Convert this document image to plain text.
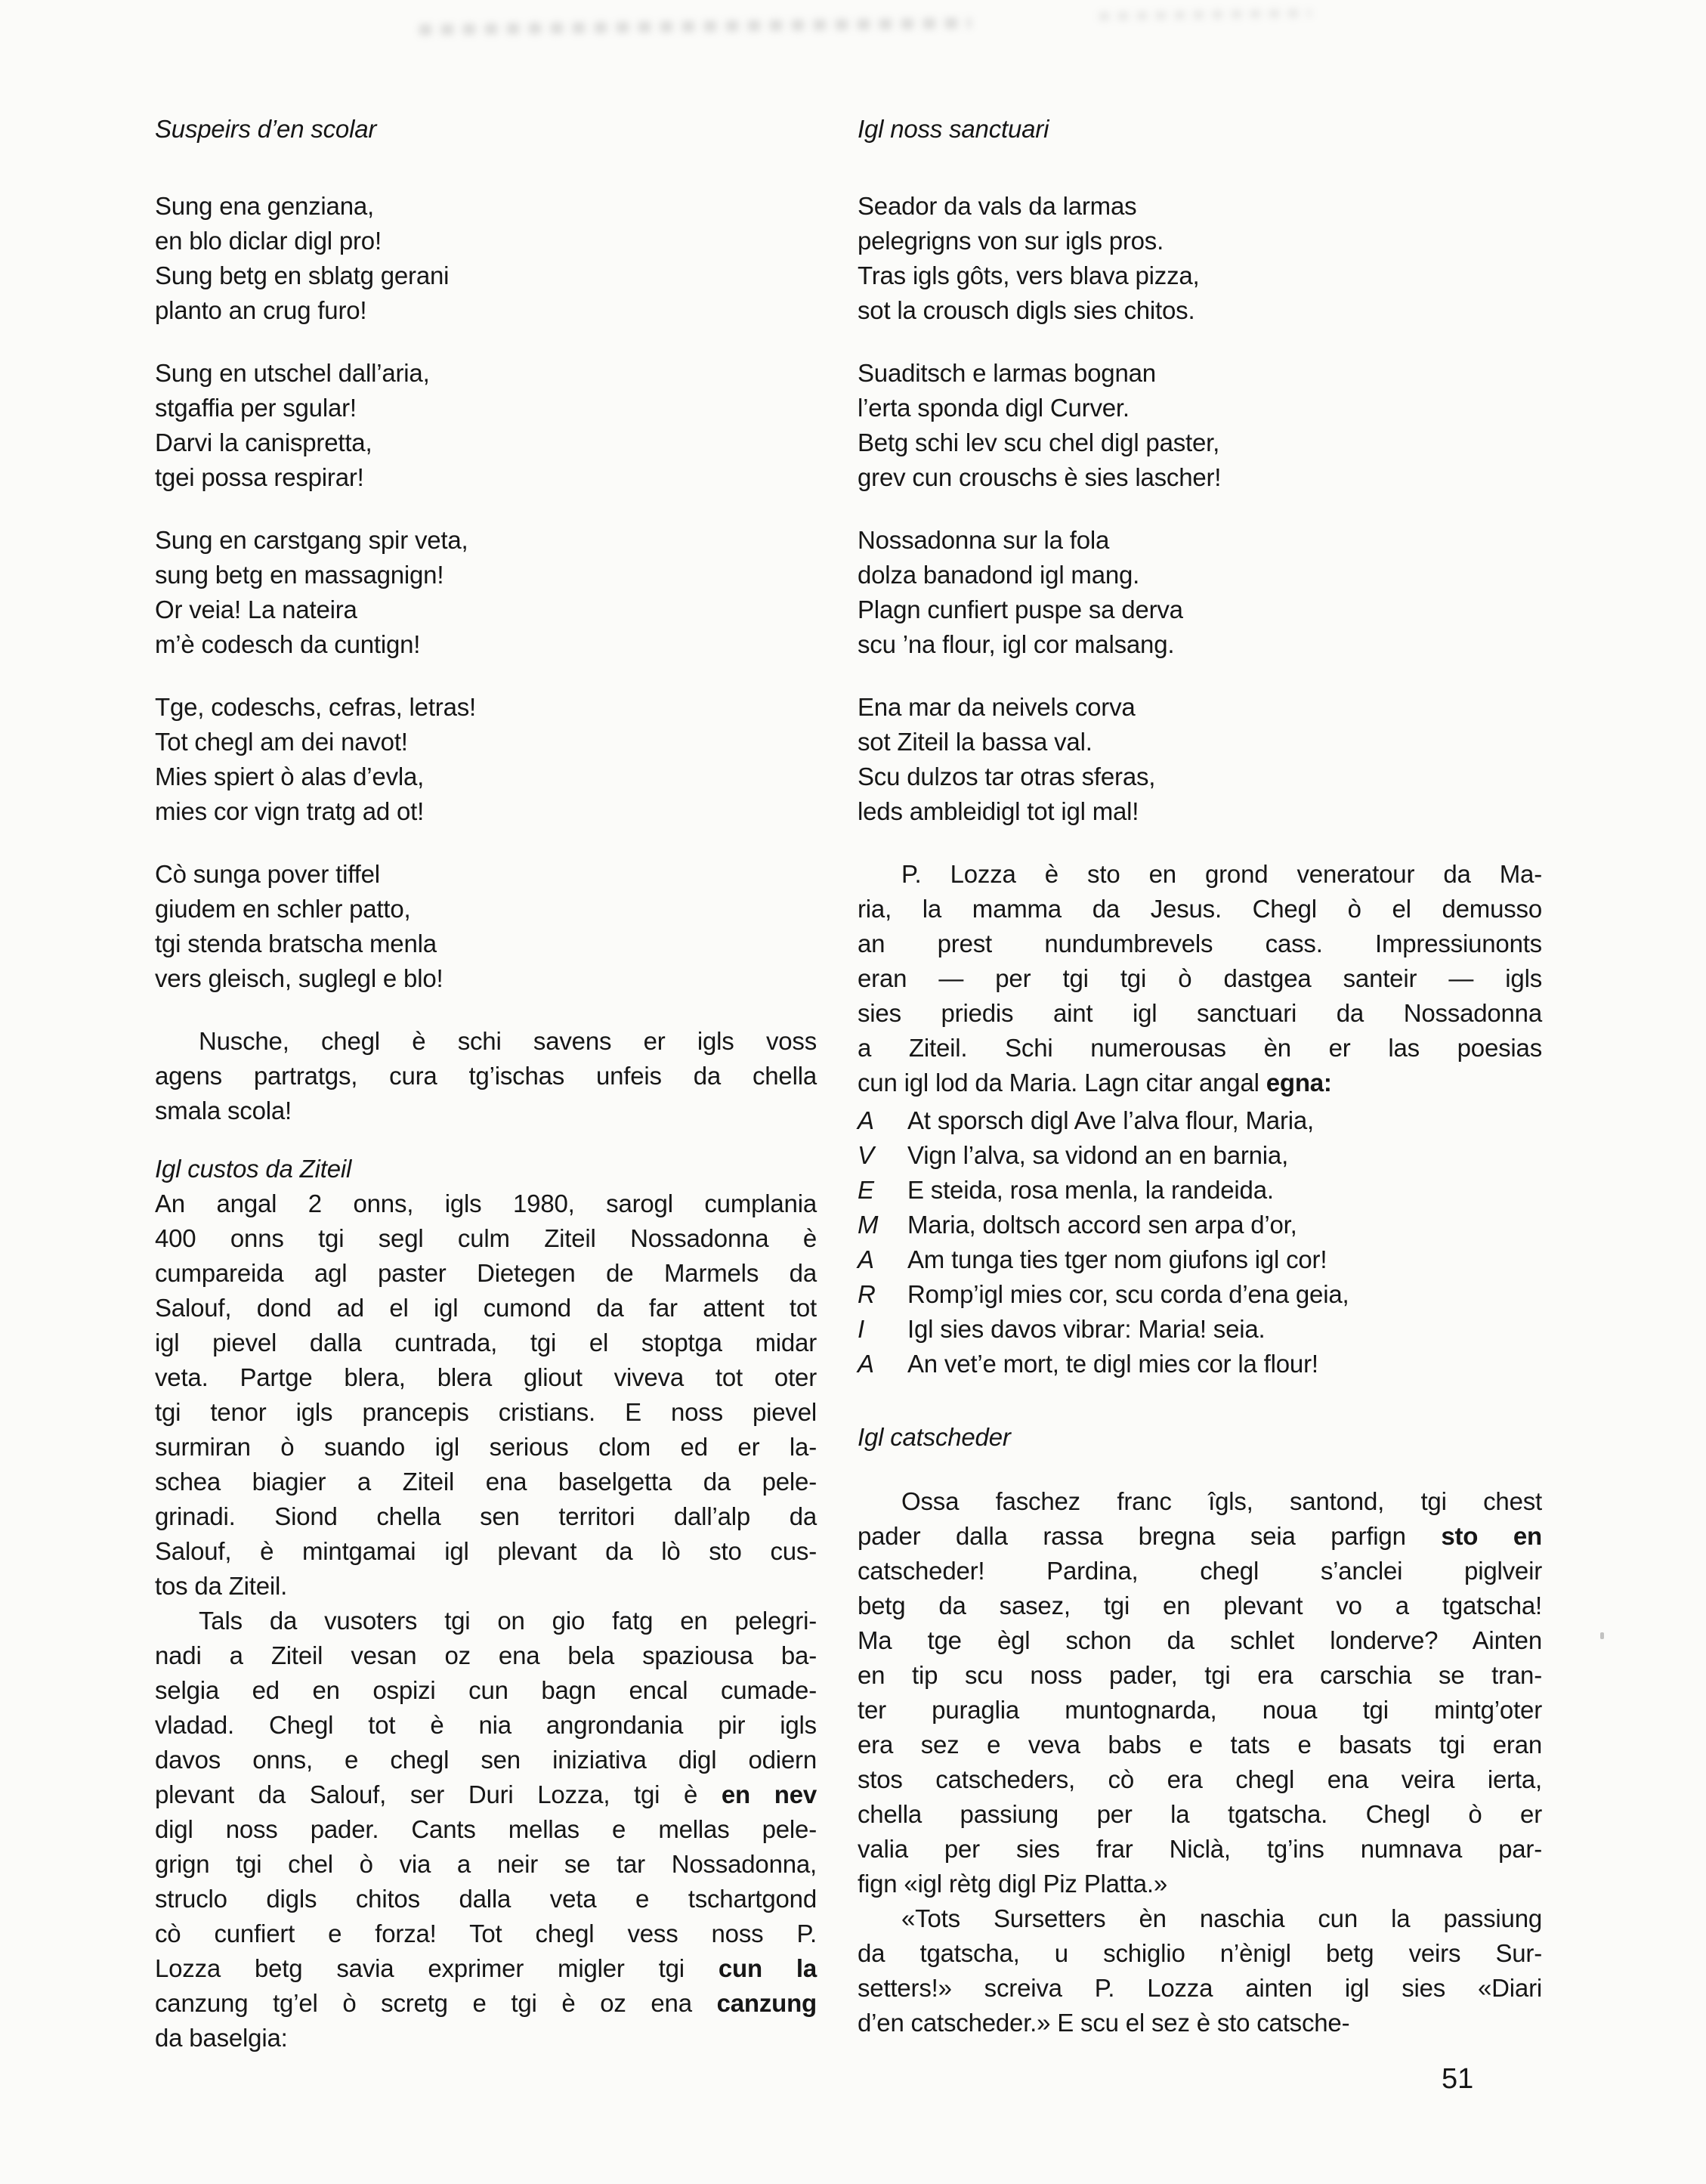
Suspeirs d’en scolar
Sung ena genziana,
en blo diclar digl pro!
Sung betg en sblatg gerani
planto an crug furo!
Sung en utschel dall’aria,
stgaffia per sgular!
Darvi la canispretta,
tgei possa respirar!
Sung en carstgang spir veta,
sung betg en massagnign!
Or veia! La nateira
m’è codesch da cuntign!
Tge, codeschs, cefras, letras!
Tot chegl am dei navot!
Mies spiert ò alas d’evla,
mies cor vign tratg ad ot!
Cò sunga pover tiffel
giudem en schler patto,
tgi stenda bratscha menla
vers gleisch, suglegl e blo!
Nusche, chegl è schi savens er igls voss
agens partratgs, cura tg’ischas unfeis da chella
smala scola!
Igl custos da Ziteil
An angal 2 onns, igls 1980, sarogl cumplania
400 onns tgi segl culm Ziteil Nossadonna è
cumpareida agl paster Dietegen de Marmels da
Salouf, dond ad el igl cumond da far attent tot
igl pievel dalla cuntrada, tgi el stoptga midar
veta. Partge blera, blera gliout viveva tot oter
tgi tenor igls prancepis cristians. E noss pievel
surmiran ò suando igl serious clom ed er la-
schea biagier a Ziteil ena baselgetta da pele-
grinadi. Siond chella sen territori dall’alp da
Salouf, è mintgamai igl plevant da lò sto cus-
tos da Ziteil.
Tals da vusoters tgi on gio fatg en pelegri-
nadi a Ziteil vesan oz ena bela spaziousa ba-
selgia ed en ospizi cun bagn encal cumade-
vladad. Chegl tot è nia angrondania pir igls
davos onns, e chegl sen iniziativa digl odiern
plevant da Salouf, ser Duri Lozza, tgi è en nev
digl noss pader. Cants mellas e mellas pele-
grign tgi chel ò via a neir se tar Nossadonna,
struclo digls chitos dalla veta e tschartgond
cò cunfiert e forza! Tot chegl vess noss P.
Lozza betg savia exprimer migler tgi cun la
canzung tg’el ò scretg e tgi è oz ena canzung
da baselgia:
Igl noss sanctuari
Seador da vals da larmas
pelegrigns von sur igls pros.
Tras igls gôts, vers blava pizza,
sot la crousch digls sies chitos.
Suaditsch e larmas bognan
l’erta sponda digl Curver.
Betg schi lev scu chel digl paster,
grev cun crouschs è sies lascher!
Nossadonna sur la fola
dolza banadond igl mang.
Plagn cunfiert puspe sa derva
scu ’na flour, igl cor malsang.
Ena mar da neivels corva
sot Ziteil la bassa val.
Scu dulzos tar otras sferas,
leds ambleidigl tot igl mal!
P. Lozza è sto en grond veneratour da Ma-
ria, la mamma da Jesus. Chegl ò el demusso
an prest nundumbrevels cass. Impressiunonts
eran — per tgi tgi ò dastgea santeir — igls
sies priedis aint igl sanctuari da Nossadonna
a Ziteil. Schi numerousas èn er las poesias
cun igl lod da Maria. Lagn citar angal egna:
A	At sporsch digl Ave l’alva flour, Maria,
V	Vign l’alva, sa vidond an en barnia,
E	E steida, rosa menla, la randeida.
M	Maria, doltsch accord sen arpa d’or,
A	Am tunga ties tger nom giufons igl cor!
R	Romp’igl mies cor, scu corda d’ena geia,
I	Igl sies davos vibrar: Maria! seia.
A	An vet’e mort, te digl mies cor la flour!
Igl catscheder
Ossa faschez franc îgls, santond, tgi chest
pader dalla rassa bregna seia parfign sto en
catscheder! Pardina, chegl s’anclei piglveir
betg da sasez, tgi en plevant vo a tgatscha!
Ma tge ègl schon da schlet londerve? Ainten
en tip scu noss pader, tgi era carschia se tran-
ter puraglia muntognarda, noua tgi mintg’oter
era sez e veva babs e tats e basats tgi eran
stos catscheders, cò era chegl ena veira ierta,
chella passiung per la tgatscha. Chegl ò er
valia per sies frar Niclà, tg’ins numnava par-
fign «igl rètg digl Piz Platta.»
«Tots Sursetters èn naschia cun la passiung
da tgatscha, u schiglio n’ènigl betg veirs Sur-
setters!» screiva P. Lozza ainten igl sies «Diari
d’en catscheder.» E scu el sez è sto catsche-
51
